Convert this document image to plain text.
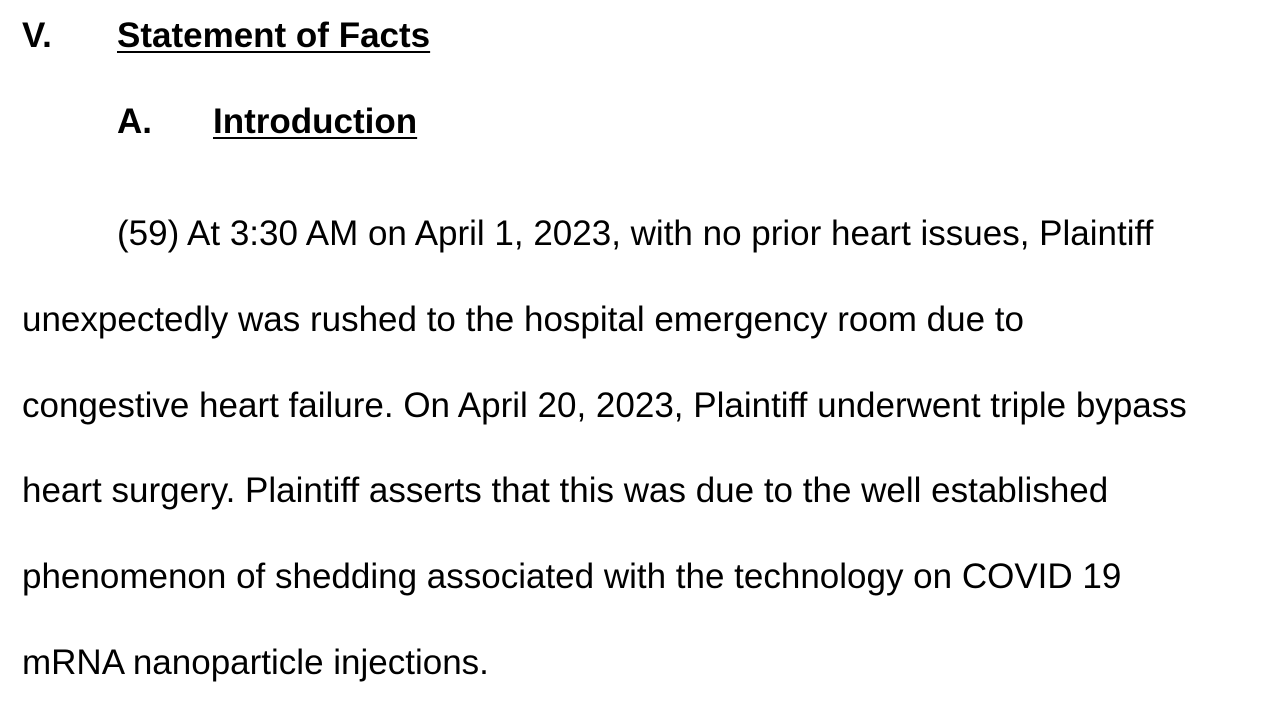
V. Statement of Facts
A. Introduction
(59) At 3:30 AM on April 1, 2023, with no prior heart issues, Plaintiff
unexpectedly was rushed to the hospital emergency room due to
congestive heart failure. On April 20, 2023, Plaintiff underwent triple bypass
heart surgery. Plaintiff asserts that this was due to the well established
phenomenon of shedding associated with the technology on COVID 19
mRNA nanoparticle injections.
